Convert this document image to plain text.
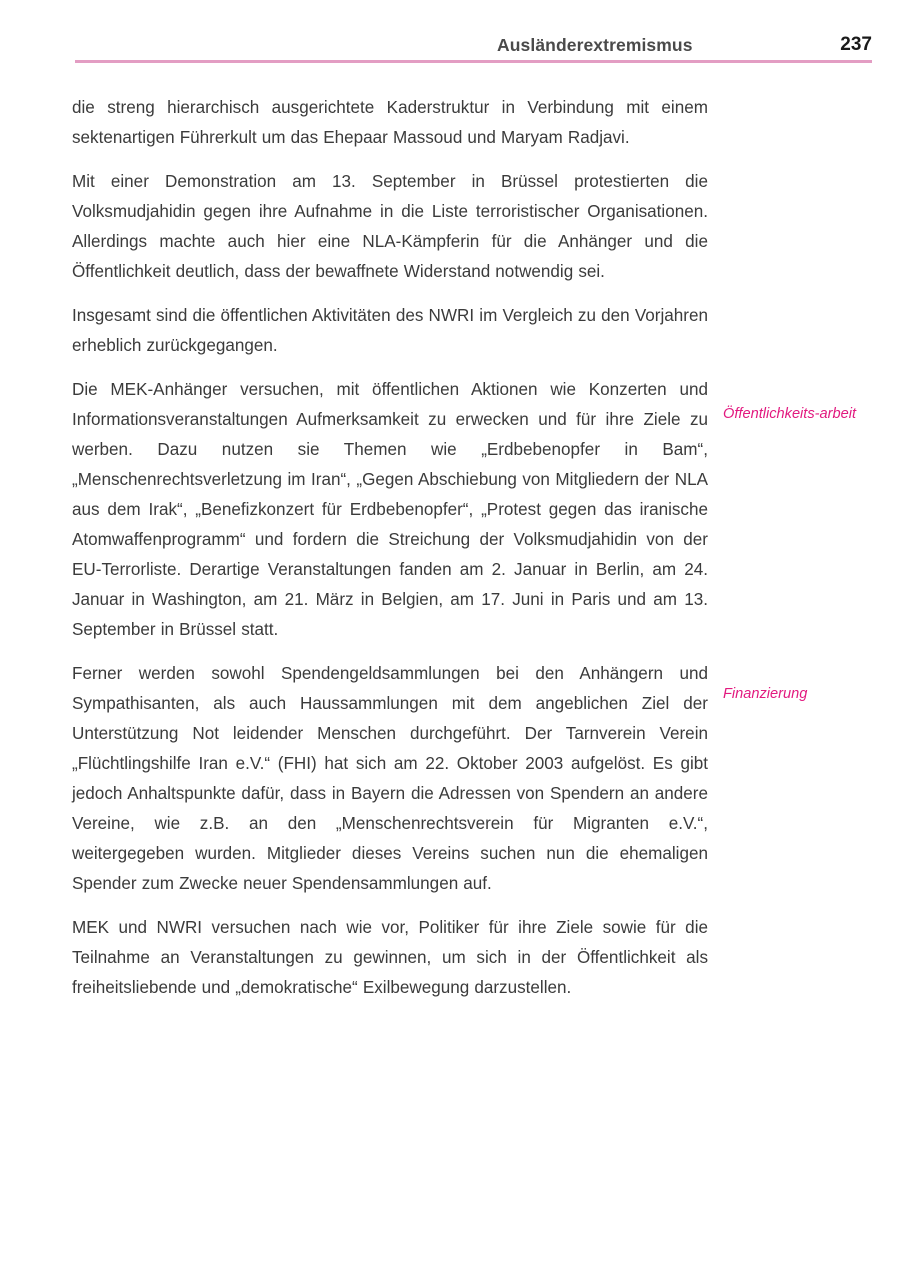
Ausländerextremismus	237

die streng hierarchisch ausgerichtete Kaderstruktur in Verbindung mit einem sektenartigen Führerkult um das Ehepaar Massoud und Maryam Radjavi.

Mit einer Demonstration am 13. September in Brüssel protestierten die Volksmudjahidin gegen ihre Aufnahme in die Liste terroristischer Organisationen. Allerdings machte auch hier eine NLA-Kämpferin für die Anhänger und die Öffentlichkeit deutlich, dass der bewaffnete Widerstand notwendig sei.

Insgesamt sind die öffentlichen Aktivitäten des NWRI im Vergleich zu den Vorjahren erheblich zurückgegangen.

Die MEK-Anhänger versuchen, mit öffentlichen Aktionen wie Konzerten und Informationsveranstaltungen Aufmerksamkeit zu erwecken und für ihre Ziele zu werben. Dazu nutzen sie Themen wie „Erdbebenopfer in Bam“, „Menschenrechtsverletzung im Iran“, „Gegen Abschiebung von Mitgliedern der NLA aus dem Irak“, „Benefizkonzert für Erdbebenopfer“, „Protest gegen das iranische Atomwaffenprogramm“ und fordern die Streichung der Volksmudjahidin von der EU-Terrorliste. Derartige Veranstaltungen fanden am 2. Januar in Berlin, am 24. Januar in Washington, am 21. März in Belgien, am 17. Juni in Paris und am 13. September in Brüssel statt.

Ferner werden sowohl Spendengeldsammlungen bei den Anhängern und Sympathisanten, als auch Haussammlungen mit dem angeblichen Ziel der Unterstützung Not leidender Menschen durchgeführt. Der Tarnverein Verein „Flüchtlingshilfe Iran e.V.“ (FHI) hat sich am 22. Oktober 2003 aufgelöst. Es gibt jedoch Anhaltspunkte dafür, dass in Bayern die Adressen von Spendern an andere Vereine, wie z.B. an den „Menschenrechtsverein für Migranten e.V.“, weitergegeben wurden. Mitglieder dieses Vereins suchen nun die ehemaligen Spender zum Zwecke neuer Spendensammlungen auf.

MEK und NWRI versuchen nach wie vor, Politiker für ihre Ziele sowie für die Teilnahme an Veranstaltungen zu gewinnen, um sich in der Öffentlichkeit als freiheitsliebende und „demokratische“ Exilbewegung darzustellen.

Öffentlichkeits-arbeit
Finanzierung
